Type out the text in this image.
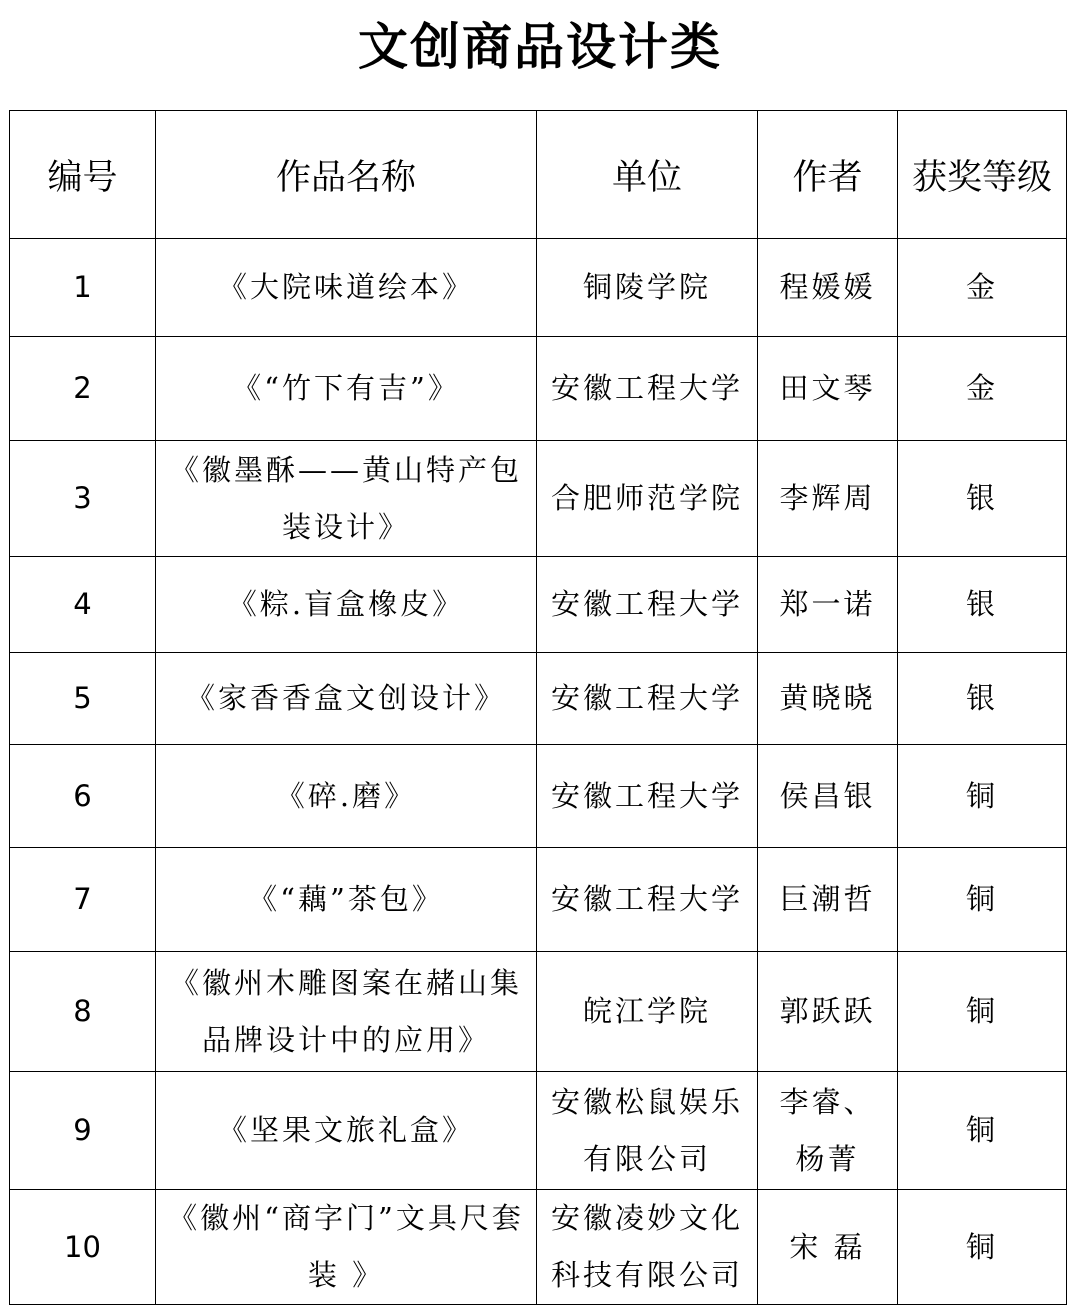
文创商品设计类
编号	作品名称	单位	作者	获奖等级
1	《大院味道绘本》	铜陵学院	程媛媛	金
2	《“竹下有吉”》	安徽工程大学	田文琴	金
3	《徽墨酥——黄山特产包装设计》	合肥师范学院	李辉周	银
4	《粽.盲盒橡皮》	安徽工程大学	郑一诺	银
5	《家香香盒文创设计》	安徽工程大学	黄晓晓	银
6	《碎.磨》	安徽工程大学	侯昌银	铜
7	《“藕”茶包》	安徽工程大学	巨潮哲	铜
8	《徽州木雕图案在赭山集品牌设计中的应用》	皖江学院	郭跃跃	铜
9	《坚果文旅礼盒》	安徽松鼠娱乐有限公司	李睿、杨菁	铜
10	《徽州“商字门”文具尺套装 》	安徽凌妙文化科技有限公司	宋 磊	铜
